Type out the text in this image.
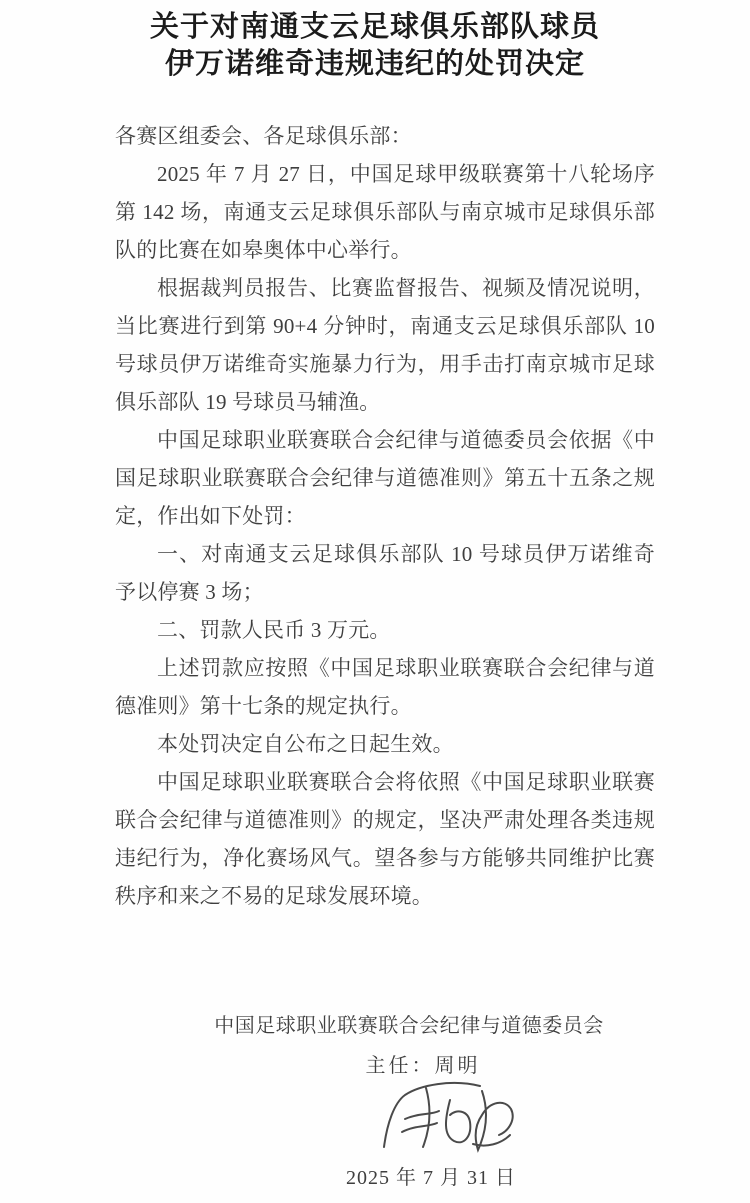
关于对南通支云足球俱乐部队球员
伊万诺维奇违规违纪的处罚决定

各赛区组委会、各足球俱乐部：

2025 年 7 月 27 日，中国足球甲级联赛第十八轮场序第 142 场，南通支云足球俱乐部队与南京城市足球俱乐部队的比赛在如皋奥体中心举行。

根据裁判员报告、比赛监督报告、视频及情况说明，当比赛进行到第 90+4 分钟时，南通支云足球俱乐部队 10 号球员伊万诺维奇实施暴力行为，用手击打南京城市足球俱乐部队 19 号球员马辅渔。

中国足球职业联赛联合会纪律与道德委员会依据《中国足球职业联赛联合会纪律与道德准则》第五十五条之规定，作出如下处罚：

一、对南通支云足球俱乐部队 10 号球员伊万诺维奇予以停赛 3 场；

二、罚款人民币 3 万元。

上述罚款应按照《中国足球职业联赛联合会纪律与道德准则》第十七条的规定执行。

本处罚决定自公布之日起生效。

中国足球职业联赛联合会将依照《中国足球职业联赛联合会纪律与道德准则》的规定，坚决严肃处理各类违规违纪行为，净化赛场风气。望各参与方能够共同维护比赛秩序和来之不易的足球发展环境。

中国足球职业联赛联合会纪律与道德委员会
主任：周明
2025 年 7 月 31 日
